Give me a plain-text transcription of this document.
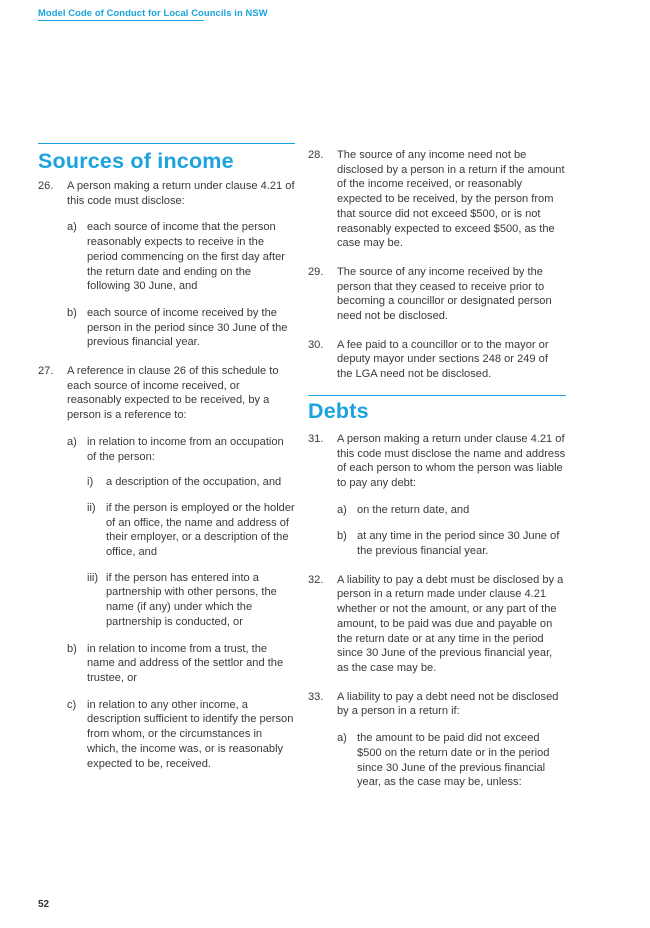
Model Code of Conduct for Local Councils in NSW
Sources of income
26. A person making a return under clause 4.21 of this code must disclose:

a) each source of income that the person reasonably expects to receive in the period commencing on the first day after the return date and ending on the following 30 June, and

b) each source of income received by the person in the period since 30 June of the previous financial year.

27. A reference in clause 26 of this schedule to each source of income received, or reasonably expected to be received, by a person is a reference to:

a) in relation to income from an occupation of the person:

i) a description of the occupation, and

ii) if the person is employed or the holder of an office, the name and address of their employer, or a description of the office, and

iii) if the person has entered into a partnership with other persons, the name (if any) under which the partnership is conducted, or

b) in relation to income from a trust, the name and address of the settlor and the trustee, or

c) in relation to any other income, a description sufficient to identify the person from whom, or the circumstances in which, the income was, or is reasonably expected to be, received.

28. The source of any income need not be disclosed by a person in a return if the amount of the income received, or reasonably expected to be received, by the person from that source did not exceed $500, or is not reasonably expected to exceed $500, as the case may be.

29. The source of any income received by the person that they ceased to receive prior to becoming a councillor or designated person need not be disclosed.

30. A fee paid to a councillor or to the mayor or deputy mayor under sections 248 or 249 of the LGA need not be disclosed.

Debts
31. A person making a return under clause 4.21 of this code must disclose the name and address of each person to whom the person was liable to pay any debt:

a) on the return date, and

b) at any time in the period since 30 June of the previous financial year.

32. A liability to pay a debt must be disclosed by a person in a return made under clause 4.21 whether or not the amount, or any part of the amount, to be paid was due and payable on the return date or at any time in the period since 30 June of the previous financial year, as the case may be.

33. A liability to pay a debt need not be disclosed by a person in a return if:

a) the amount to be paid did not exceed $500 on the return date or in the period since 30 June of the previous financial year, as the case may be, unless:

52
